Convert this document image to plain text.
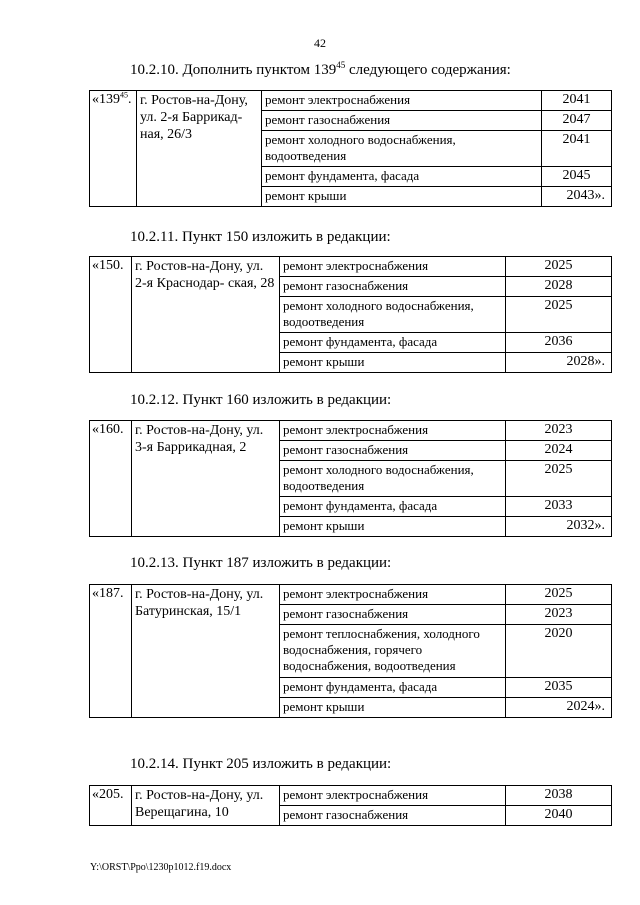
42
10.2.10. Дополнить пунктом $139^{45}$ следующего содержания:
«$139^{45}$.	г. Ростов-на-Дону, ул. 2-я Баррикад- ная, 26/3	ремонт электроснабжения	2041
		ремонт газоснабжения	2047
		ремонт холодного водоснабжения, водоотведения	2041
		ремонт фундамента, фасада	2045
		ремонт крыши	2043».
10.2.11. Пункт 150 изложить в редакции:
«150.	г. Ростов-на-Дону, ул. 2-я Краснодар- ская, 28	ремонт электроснабжения	2025
		ремонт газоснабжения	2028
		ремонт холодного водоснабжения, водоотведения	2025
		ремонт фундамента, фасада	2036
		ремонт крыши	2028».
10.2.12. Пункт 160 изложить в редакции:
«160.	г. Ростов-на-Дону, ул. 3-я Баррикадная, 2	ремонт электроснабжения	2023
		ремонт газоснабжения	2024
		ремонт холодного водоснабжения, водоотведения	2025
		ремонт фундамента, фасада	2033
		ремонт крыши	2032».
10.2.13. Пункт 187 изложить в редакции:
«187.	г. Ростов-на-Дону, ул. Батуринская, 15/1	ремонт электроснабжения	2025
		ремонт газоснабжения	2023
		ремонт теплоснабжения, холодного водоснабжения, горячего водоснабжения, водоотведения	2020
		ремонт фундамента, фасада	2035
		ремонт крыши	2024».
10.2.14. Пункт 205 изложить в редакции:
«205.	г. Ростов-на-Дону, ул. Верещагина, 10	ремонт электроснабжения	2038
		ремонт газоснабжения	2040
Y:\ORST\Ppo\1230p1012.f19.docx
